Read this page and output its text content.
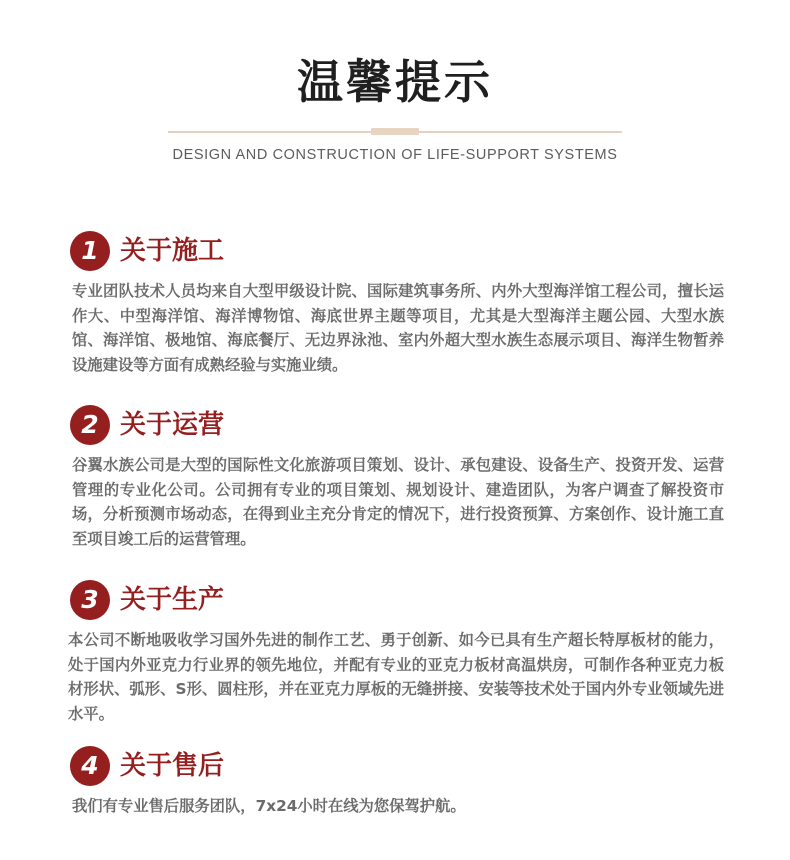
温馨提示
DESIGN AND CONSTRUCTION OF LIFE-SUPPORT SYSTEMS
1 关于施工
专业团队技术人员均来自大型甲级设计院、国际建筑事务所、内外大型海洋馆工程公司，擅长运作大、中型海洋馆、海洋博物馆、海底世界主题等项目，尤其是大型海洋主题公园、大型水族馆、海洋馆、极地馆、海底餐厅、无边界泳池、室内外超大型水族生态展示项目、海洋生物暂养设施建设等方面有成熟经验与实施业绩。
2 关于运营
谷翼水族公司是大型的国际性文化旅游项目策划、设计、承包建设、设备生产、投资开发、运营管理的专业化公司。公司拥有专业的项目策划、规划设计、建造团队，为客户调查了解投资市场，分析预测市场动态，在得到业主充分肯定的情况下，进行投资预算、方案创作、设计施工直至项目竣工后的运营管理。
3 关于生产
本公司不断地吸收学习国外先进的制作工艺、勇于创新、如今已具有生产超长特厚板材的能力，处于国内外亚克力行业界的领先地位，并配有专业的亚克力板材高温烘房，可制作各种亚克力板材形状、弧形、S形、圆柱形，并在亚克力厚板的无缝拼接、安装等技术处于国内外专业领域先进水平。
4 关于售后
我们有专业售后服务团队，7x24小时在线为您保驾护航。
